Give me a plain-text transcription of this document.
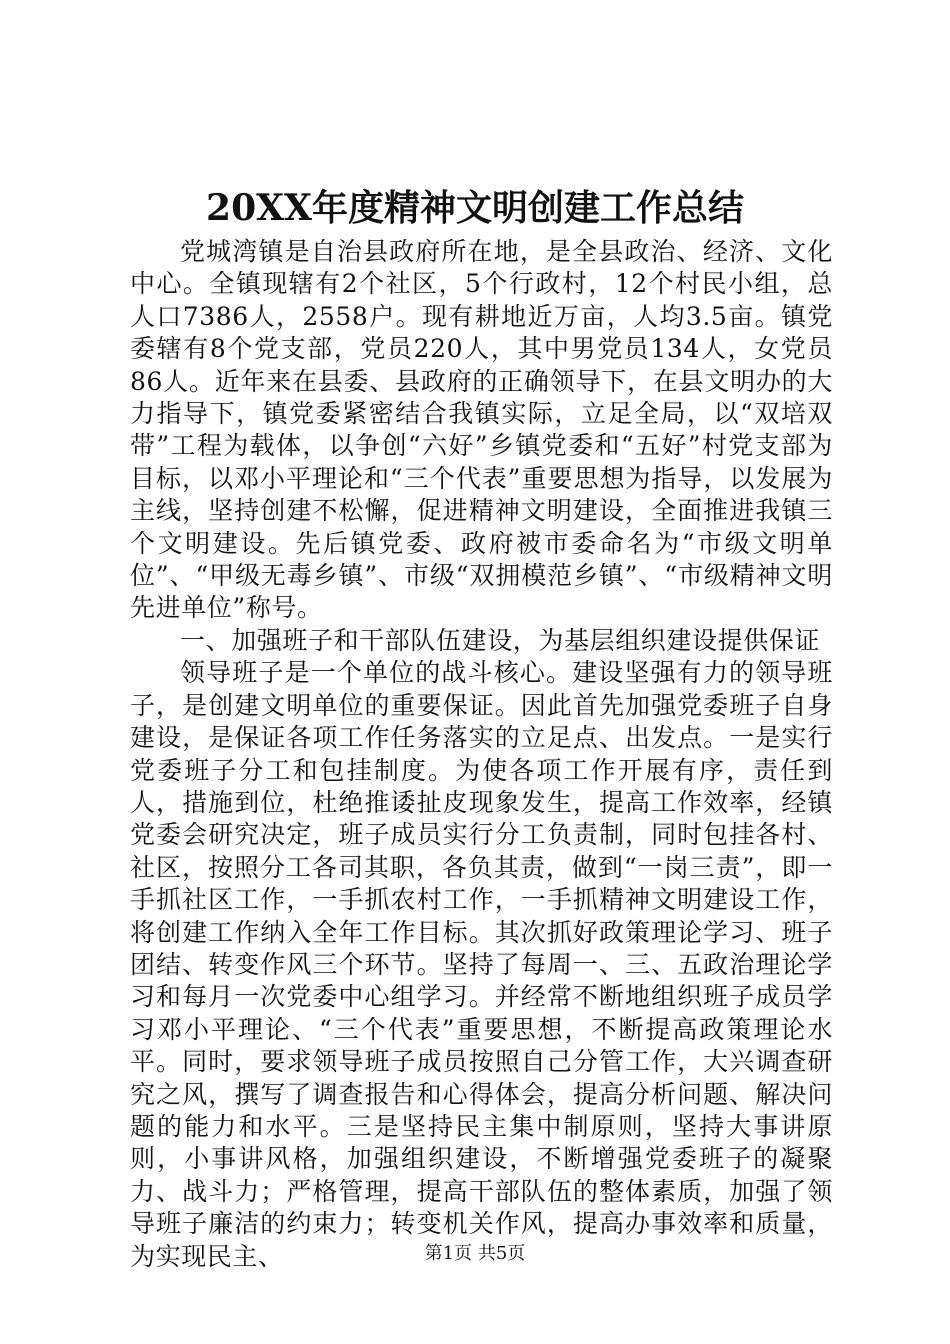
20XX年度精神文明创建工作总结

党城湾镇是自治县政府所在地，是全县政治、经济、文化中心。全镇现辖有2个社区，5个行政村，12个村民小组，总人口7386人，2558户。现有耕地近万亩，人均3.5亩。镇党委辖有8个党支部，党员220人，其中男党员134人，女党员86人。近年来在县委、县政府的正确领导下，在县文明办的大力指导下，镇党委紧密结合我镇实际，立足全局，以“双培双带”工程为载体，以争创“六好”乡镇党委和“五好”村党支部为目标，以邓小平理论和“三个代表”重要思想为指导，以发展为主线，坚持创建不松懈，促进精神文明建设，全面推进我镇三个文明建设。先后镇党委、政府被市委命名为“市级文明单位”、“甲级无毒乡镇”、市级“双拥模范乡镇”、“市级精神文明先进单位”称号。

一、加强班子和干部队伍建设，为基层组织建设提供保证

领导班子是一个单位的战斗核心。建设坚强有力的领导班子，是创建文明单位的重要保证。因此首先加强党委班子自身建设，是保证各项工作任务落实的立足点、出发点。一是实行党委班子分工和包挂制度。为使各项工作开展有序，责任到人，措施到位，杜绝推诿扯皮现象发生，提高工作效率，经镇党委会研究决定，班子成员实行分工负责制，同时包挂各村、社区，按照分工各司其职，各负其责，做到“一岗三责”，即一手抓社区工作，一手抓农村工作，一手抓精神文明建设工作，将创建工作纳入全年工作目标。其次抓好政策理论学习、班子团结、转变作风三个环节。坚持了每周一、三、五政治理论学习和每月一次党委中心组学习。并经常不断地组织班子成员学习邓小平理论、“三个代表”重要思想，不断提高政策理论水平。同时，要求领导班子成员按照自己分管工作，大兴调查研究之风，撰写了调查报告和心得体会，提高分析问题、解决问题的能力和水平。三是坚持民主集中制原则，坚持大事讲原则，小事讲风格，加强组织建设，不断增强党委班子的凝聚力、战斗力；严格管理，提高干部队伍的整体素质，加强了领导班子廉洁的约束力；转变机关作风，提高办事效率和质量，为实现民主、	第1页 共5页
